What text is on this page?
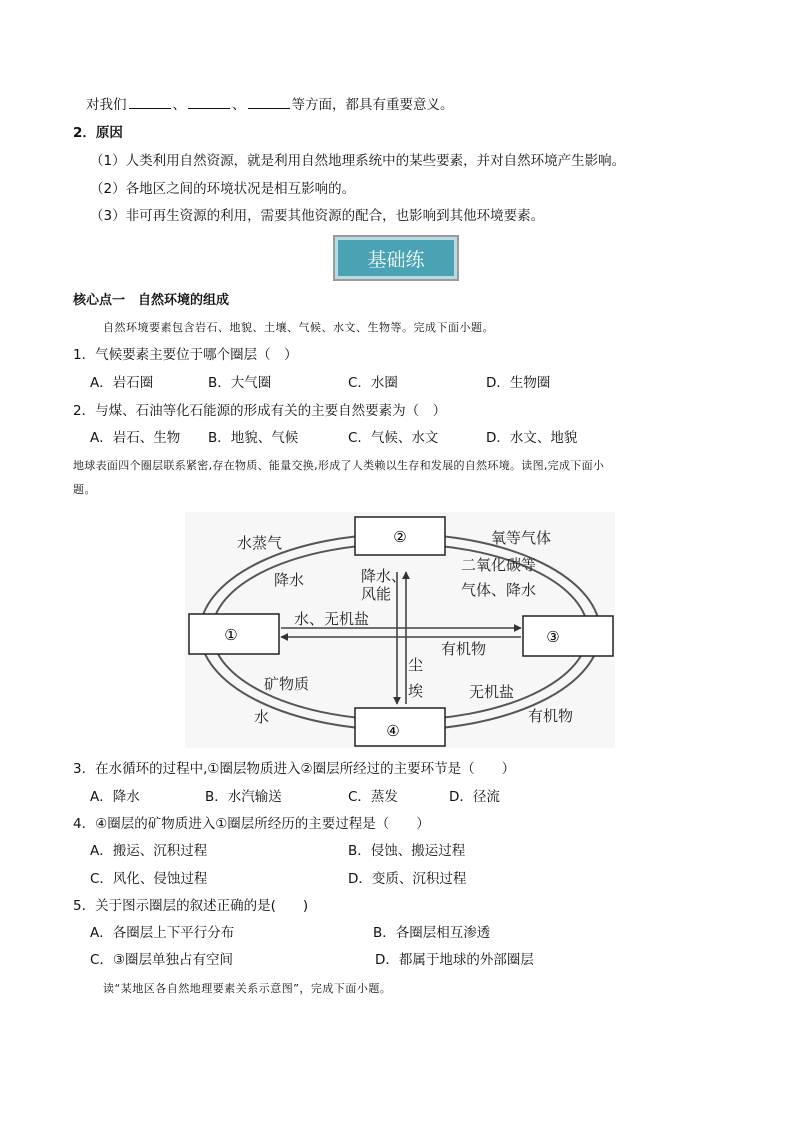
对我们	、	、	等方面，都具有重要意义。
2．原因
（1）人类利用自然资源，就是利用自然地理系统中的某些要素，并对自然环境产生影响。
（2）各地区之间的环境状况是相互影响的。
（3）非可再生资源的利用，需要其他资源的配合，也影响到其他环境要素。
基础练
核心点一　自然环境的组成
自然环境要素包含岩石、地貌、土壤、气候、水文、生物等。完成下面小题。
1．气候要素主要位于哪个圈层（　）
A．岩石圈	B．大气圈	C．水圈	D．生物圈
2．与煤、石油等化石能源的形成有关的主要自然要素为（　）
A．岩石、生物 B．地貌、气候	C．气候、水文	D．水文、地貌
地球表面四个圈层联系紧密,存在物质、能量交换,形成了人类赖以生存和发展的自然环境。读图,完成下面小
题。
②
①	③
④
水蒸气
降水	降水、
风能
氧等气体
二氧化碳等
气体、降水
水、无机盐
有机物
尘
埃
矿物质	无机盐
水	有机物
3．在水循环的过程中,①圈层物质进入②圈层所经过的主要环节是（　　）
A．降水	B．水汽输送	C．蒸发	D．径流
4．④圈层的矿物质进入①圈层所经历的主要过程是（　　）
A．搬运、沉积过程	B．侵蚀、搬运过程
C．风化、侵蚀过程	D．变质、沉积过程
5．关于图示圈层的叙述正确的是(　　)
A．各圈层上下平行分布	B．各圈层相互渗透
C．③圈层单独占有空间	D．都属于地球的外部圈层
读“某地区各自然地理要素关系示意图”，完成下面小题。
